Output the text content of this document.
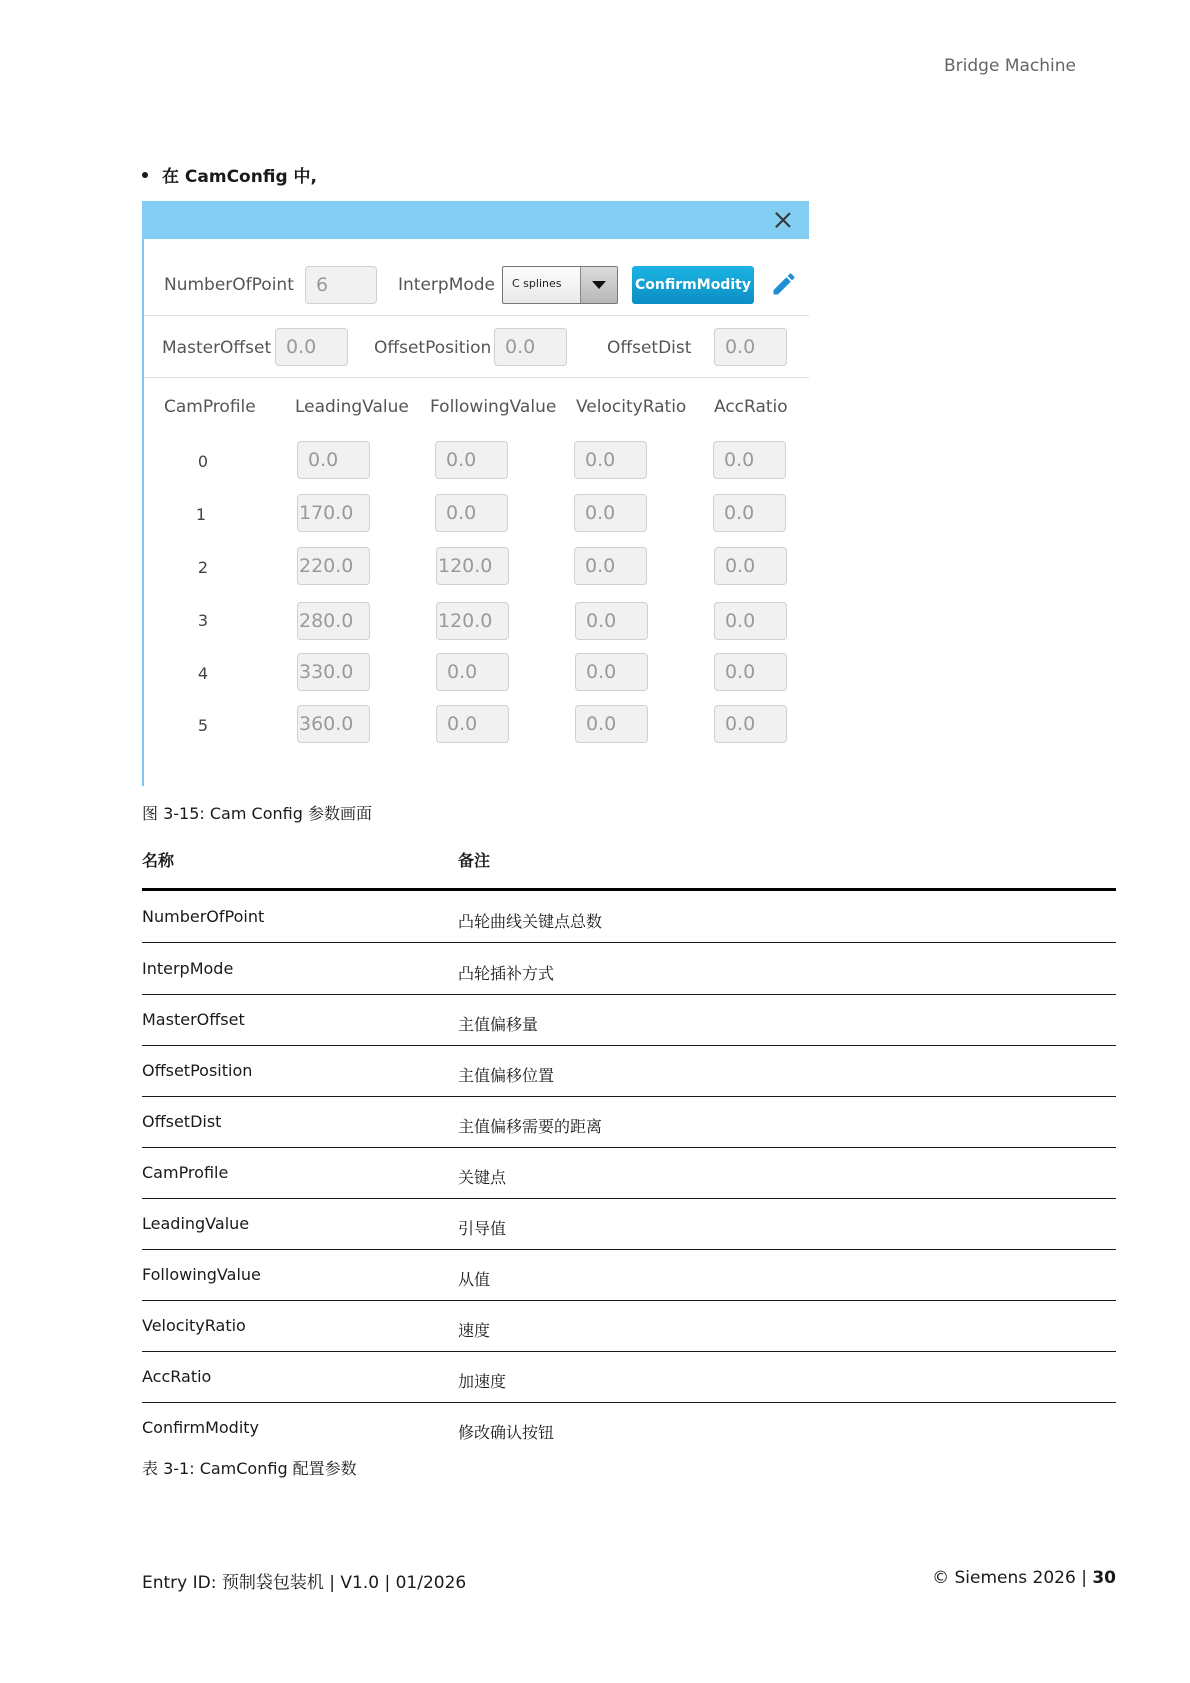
Bridge Machine
在 CamConfig 中,
NumberOfPoint	6	InterpMode C splines	ConfirmModity
MasterOffset 0.0	OffsetPosition 0.0	OffsetDist	0.0
CamProfile LeadingValue FollowingValue VelocityRatio AccRatio
0	0.0	0.0	0.0	0.0
1	170.0	0.0	0.0	0.0
2	220.0	120.0	0.0	0.0
3	280.0	120.0	0.0	0.0
4	330.0	0.0	0.0	0.0
5	360.0	0.0	0.0	0.0
图 3-15: Cam Config 参数画面
名称	备注
NumberOfPoint	凸轮曲线关键点总数
InterpMode	凸轮插补方式
MasterOffset	主值偏移量
OffsetPosition	主值偏移位置
OffsetDist	主值偏移需要的距离
CamProfile	关键点
LeadingValue	引导值
FollowingValue	从值
VelocityRatio	速度
AccRatio	加速度
ConfirmModity	修改确认按钮
表 3-1: CamConfig 配置参数
Entry ID: 预制袋包装机 | V1.0 | 01/2026	© Siemens 2026 | 30
